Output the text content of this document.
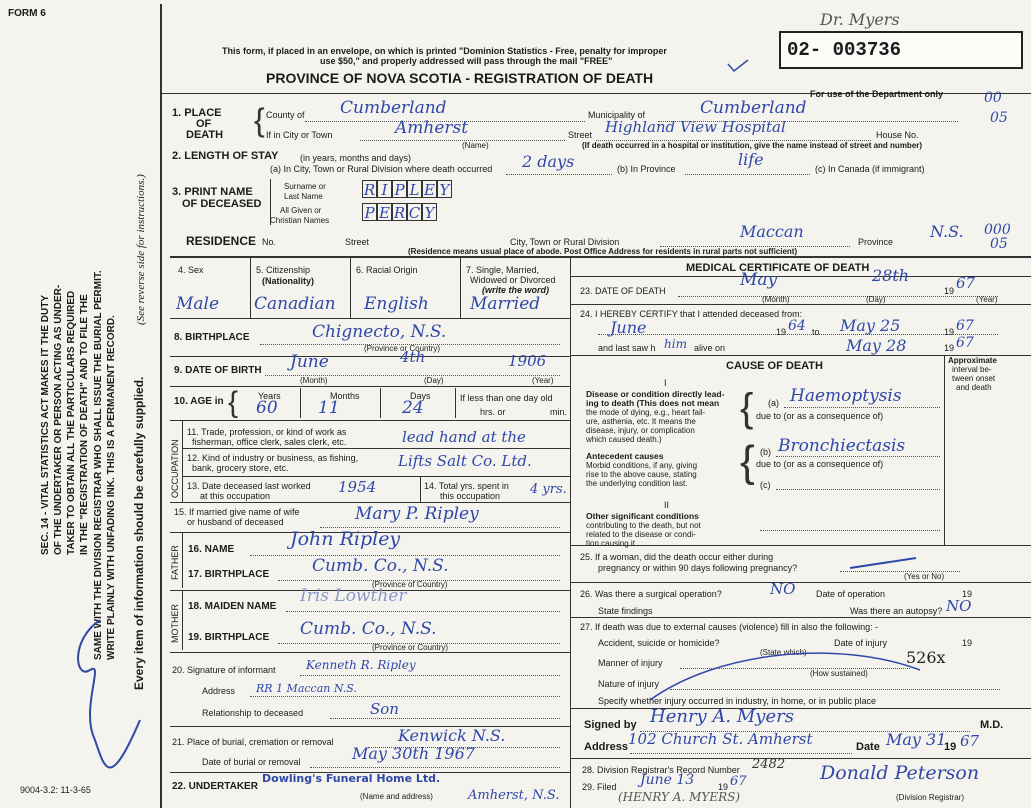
FORM 6
This form, if placed in an envelope, on which is printed "Dominion Statistics - Free, penalty for improper
use $50," and properly addressed will pass through the mail "FREE"
PROVINCE OF NOVA SCOTIA - REGISTRATION OF DEATH
02- 003736
Dr. Myers
For use of the Department only	00
05
000
05
SEC. 14 - VITAL STATISTICS ACT MAKES IT THE DUTY OF THE UNDERTAKER OR PERSON ACTING AS UNDER- TAKER TO OBTAIN ALL THE PARTICULARS REQUIRED IN THE "REGISTRATION OF DEATH" AND TO FILE THE SAME WITH THE DIVISION REGISTRAR WHO SHALL ISSUE THE BURIAL PERMIT. WRITE PLAINLY WITH UNFADING INK. THIS IS A PERMANENT RECORD. Every item of information should be carefully supplied.
(See reverse side for instructions.)
1. PLACE
OF
DEATH { County of Cumberland	Municipality of	Cumberland
If in City or Town	Amherst
(Name)
Street Highland View Hospital	House No.
(If death occurred in a hospital or institution, give the name instead of street and number)
2. LENGTH OF STAY (in years, months and days)
(a) In City, Town or Rural Division where death occurred 2 days	(b) In Province	life	(c) In Canada (if immigrant)
3. PRINT NAME
OF DECEASED
Surname or
Last Name
All Given or
Christian Names
R I P L E Y
P E R C Y
RESIDENCE No.	Street	City, Town or Rural Division
Maccan
Province
N.S.
(Residence means usual place of abode. Post Office Address for residents in rural parts not sufficient)
4. Sex
Male
5. Citizenship
(Nationality)
Canadian
6. Racial Origin
English
7. Single, Married,
Widowed or Divorced
(write the word)
Married
8. BIRTHPLACE	Chignecto, N.S.
(Province or Country)
9. DATE OF BIRTH June	4th	1906
(Month)	(Day)	(Year)
10. AGE in { Years
60
Months
11
Days
24	If less than one day old
hrs. or	min.
OCCUPATION
11. Trade, profession, or kind of work as
fisherman, office clerk, sales clerk, etc.	lead hand at the
12. Kind of industry or business, as fishing,
bank, grocery store, etc.	Lifts Salt Co. Ltd.
13. Date deceased last worked
at this occupation	1954	14. Total yrs. spent in
this occupation 4 yrs.
15. If married give name of wife
or husband of deceased	Mary P. Ripley
FATHER 16. NAME	John Ripley
17. BIRTHPLACE	Cumb. Co., N.S.
(Province of Country)
MOTHER 18. MAIDEN NAME
Iris Lowther
19. BIRTHPLACE Cumb. Co., N.S.
(Province or Country)
20. Signature of informant	Kenneth R. Ripley
Address RR 1 Maccan N.S.
Relationship to deceased	Son
21. Place of burial, cremation or removal	Kenwick N.S.
Date of burial or removal	May 30th 1967
22. UNDERTAKER
Dowling's Funeral Home Ltd.
(Name and address)	Amherst, N.S.
9004-3.2: 11-3-65
MEDICAL CERTIFICATE OF DEATH
23. DATE OF DEATH
May	28th
19 67
(Month)	(Day)	(Year)
24. I HEREBY CERTIFY that I attended deceased from:
June	19 64 to May 25	19 67
and last saw h him alive on	May 28	19 67
CAUSE OF DEATH	Approximate
interval be-
tween onset
and death
I
Disease or condition directly lead-
ing to death (This does not mean
the mode of dying, e.g., heart fail-
ure, asthenia, etc. It means the
disease, injury, or complication
which caused death.)
{ (a) Haemoptysis
due to (or as a consequence of)
Antecedent causes
Morbid conditions, if any, giving
rise to the above cause, stating
the underlying condition last. { (b) Bronchiectasis
due to (or as a consequence of)
(c)
II
Other significant conditions
contributing to the death, but not
related to the disease or condi-
tion causing it.
25. If a woman, did the death occur either during
pregnancy or within 90 days following pregnancy?
(Yes or No)
26. Was there a surgical operation?	NO Date of operation	19
State findings	Was there an autopsy? NO
27. If death was due to external causes (violence) fill in also the following: -
Accident, suicide or homicide?	Date of injury	19
(State which)
Manner of injury	526x
(How sustained)
Nature of injury
Specify whether injury occurred in industry, in home, or in public place
Signed by Henry A. Myers	M.D.
Address 102 Church St. Amherst	Date May 31
19 67
28. Division Registrar's Record Number 2482
29. Filed June 13	19 67	Donald Peterson
(Division Registrar)
(HENRY A. MYERS)
